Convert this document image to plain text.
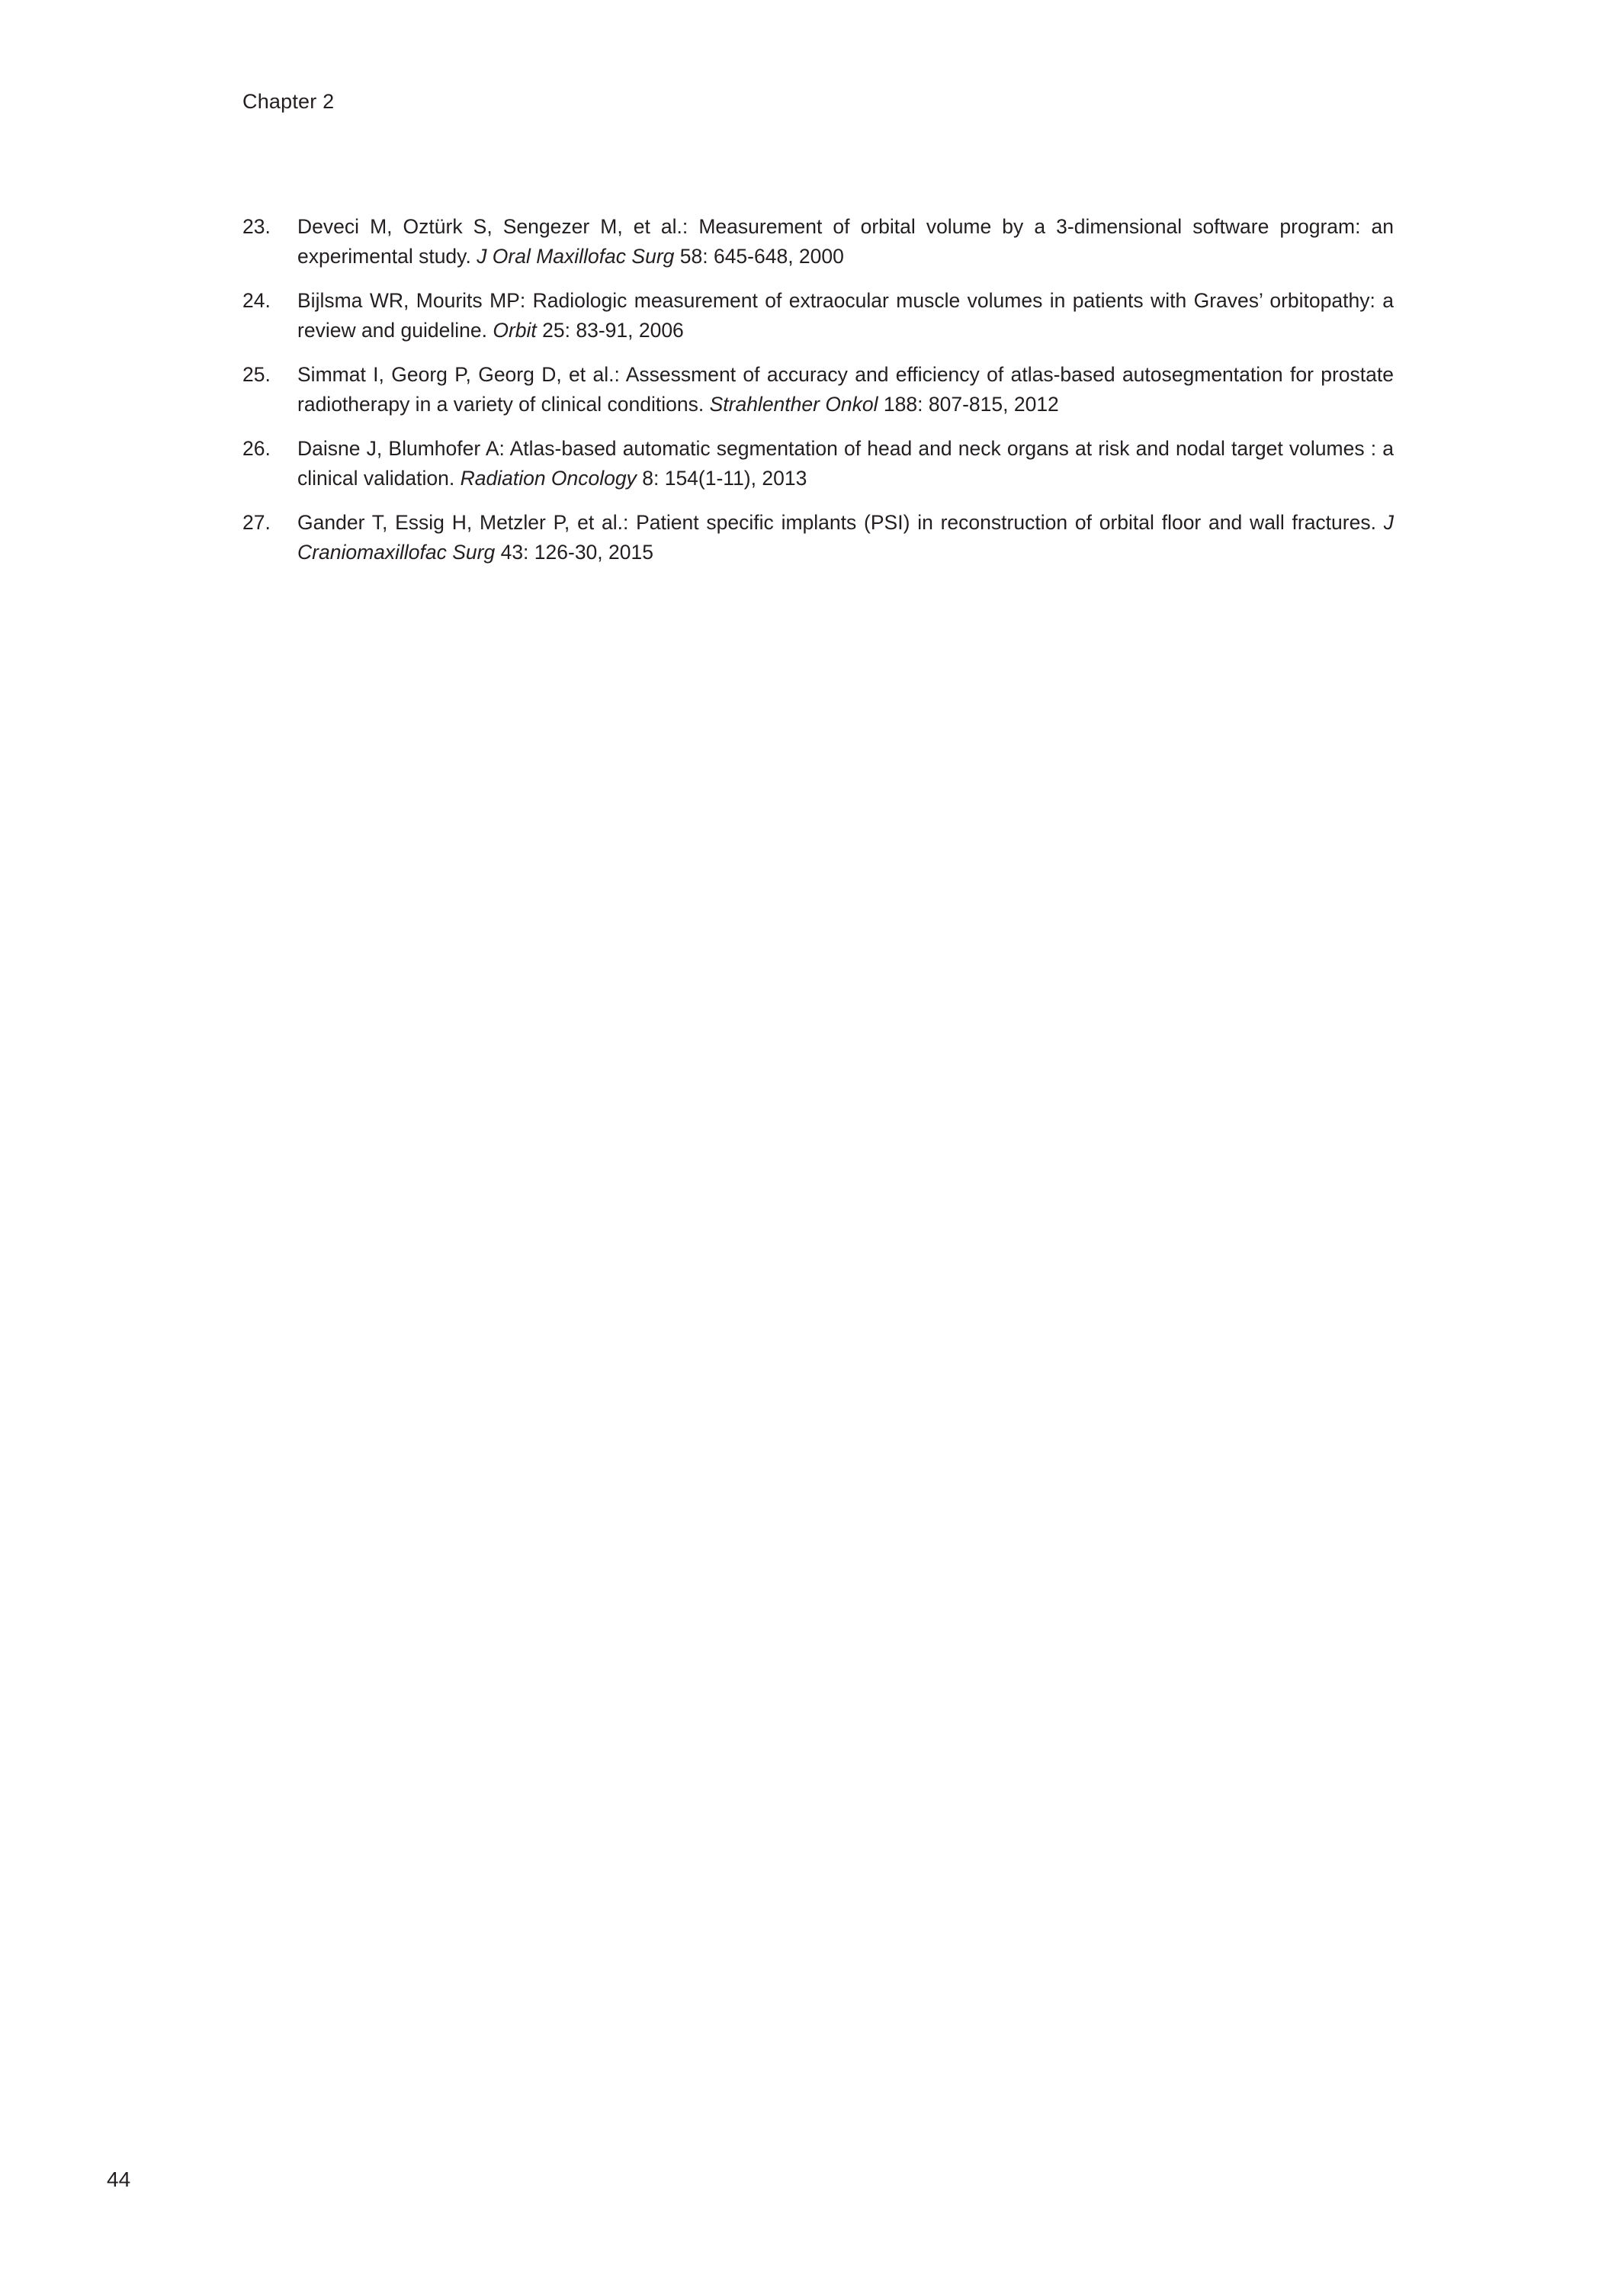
Chapter 2
23.	Deveci M, Oztürk S, Sengezer M, et al.: Measurement of orbital volume by a 3-dimensional software program: an experimental study. J Oral Maxillofac Surg 58: 645-648, 2000
24.	Bijlsma WR, Mourits MP: Radiologic measurement of extraocular muscle volumes in patients with Graves’ orbitopathy: a review and guideline. Orbit 25: 83-91, 2006
25.	Simmat I, Georg P, Georg D, et al.: Assessment of accuracy and efficiency of atlas-based autosegmentation for prostate radiotherapy in a variety of clinical conditions. Strahlenther Onkol 188: 807-815, 2012
26.	Daisne J, Blumhofer A: Atlas-based automatic segmentation of head and neck organs at risk and nodal target volumes : a clinical validation. Radiation Oncology 8: 154(1-11), 2013
27.	Gander T, Essig H, Metzler P, et al.: Patient specific implants (PSI) in reconstruction of orbital floor and wall fractures. J Craniomaxillofac Surg 43: 126-30, 2015
44
